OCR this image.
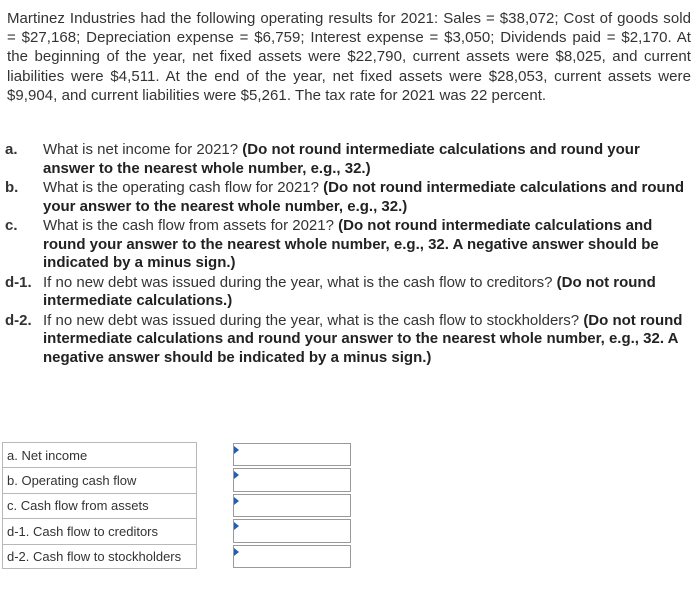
Martinez Industries had the following operating results for 2021: Sales = $38,072; Cost of goods sold = $27,168; Depreciation expense = $6,759; Interest expense = $3,050; Dividends paid = $2,170. At the beginning of the year, net fixed assets were $22,790, current assets were $8,025, and current liabilities were $4,511. At the end of the year, net fixed assets were $28,053, current assets were $9,904, and current liabilities were $5,261. The tax rate for 2021 was 22 percent.
a.	What is net income for 2021? (Do not round intermediate calculations and round your answer to the nearest whole number, e.g., 32.)
b.	What is the operating cash flow for 2021? (Do not round intermediate calculations and round your answer to the nearest whole number, e.g., 32.)
c.	What is the cash flow from assets for 2021? (Do not round intermediate calculations and round your answer to the nearest whole number, e.g., 32. A negative answer should be indicated by a minus sign.)
d-1. If no new debt was issued during the year, what is the cash flow to creditors? (Do not round intermediate calculations.)
d-2. If no new debt was issued during the year, what is the cash flow to stockholders? (Do not round intermediate calculations and round your answer to the nearest whole number, e.g., 32. A negative answer should be indicated by a minus sign.)
a. Net income
b. Operating cash flow
c. Cash flow from assets
d-1. Cash flow to creditors
d-2. Cash flow to stockholders
